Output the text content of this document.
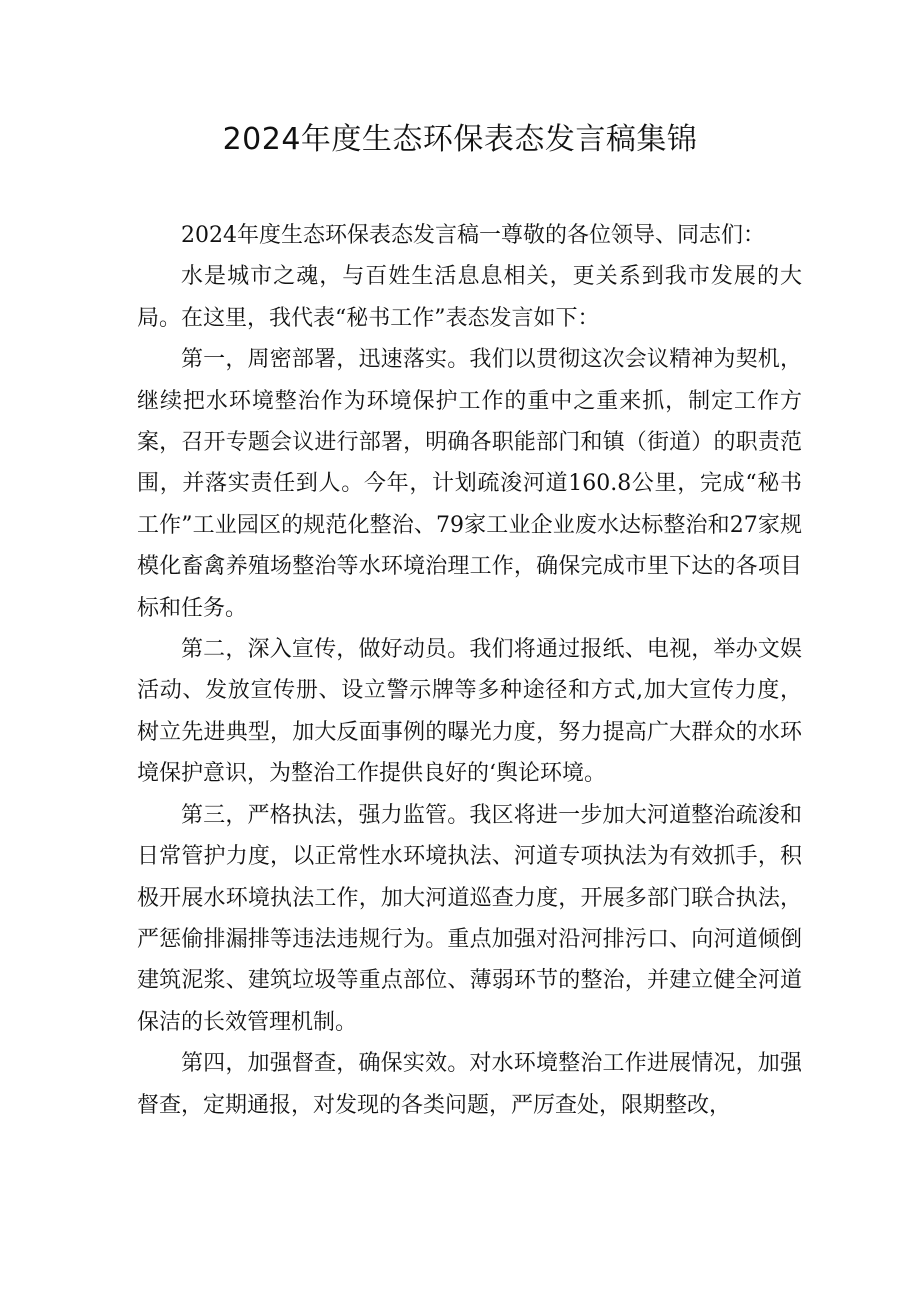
2024年度生态环保表态发言稿集锦

2024年度生态环保表态发言稿一尊敬的各位领导、同志们：

水是城市之魂，与百姓生活息息相关，更关系到我市发展的大局。在这里，我代表“秘书工作”表态发言如下：

第一，周密部署，迅速落实。我们以贯彻这次会议精神为契机，继续把水环境整治作为环境保护工作的重中之重来抓，制定工作方案，召开专题会议进行部署，明确各职能部门和镇（街道）的职责范围，并落实责任到人。今年，计划疏浚河道160.8公里，完成“秘书工作”工业园区的规范化整治、79家工业企业废水达标整治和27家规模化畜禽养殖场整治等水环境治理工作，确保完成市里下达的各项目标和任务。

第二，深入宣传，做好动员。我们将通过报纸、电视，举办文娱活动、发放宣传册、设立警示牌等多种途径和方式,加大宣传力度，树立先进典型，加大反面事例的曝光力度，努力提高广大群众的水环境保护意识，为整治工作提供良好的‘舆论环境。

第三，严格执法，强力监管。我区将进一步加大河道整治疏浚和日常管护力度，以正常性水环境执法、河道专项执法为有效抓手，积极开展水环境执法工作，加大河道巡查力度，开展多部门联合执法，严惩偷排漏排等违法违规行为。重点加强对沿河排污口、向河道倾倒建筑泥浆、建筑垃圾等重点部位、薄弱环节的整治，并建立健全河道保洁的长效管理机制。

第四，加强督查，确保实效。对水环境整治工作进展情况，加强督查，定期通报，对发现的各类问题，严厉查处，限期整改，
